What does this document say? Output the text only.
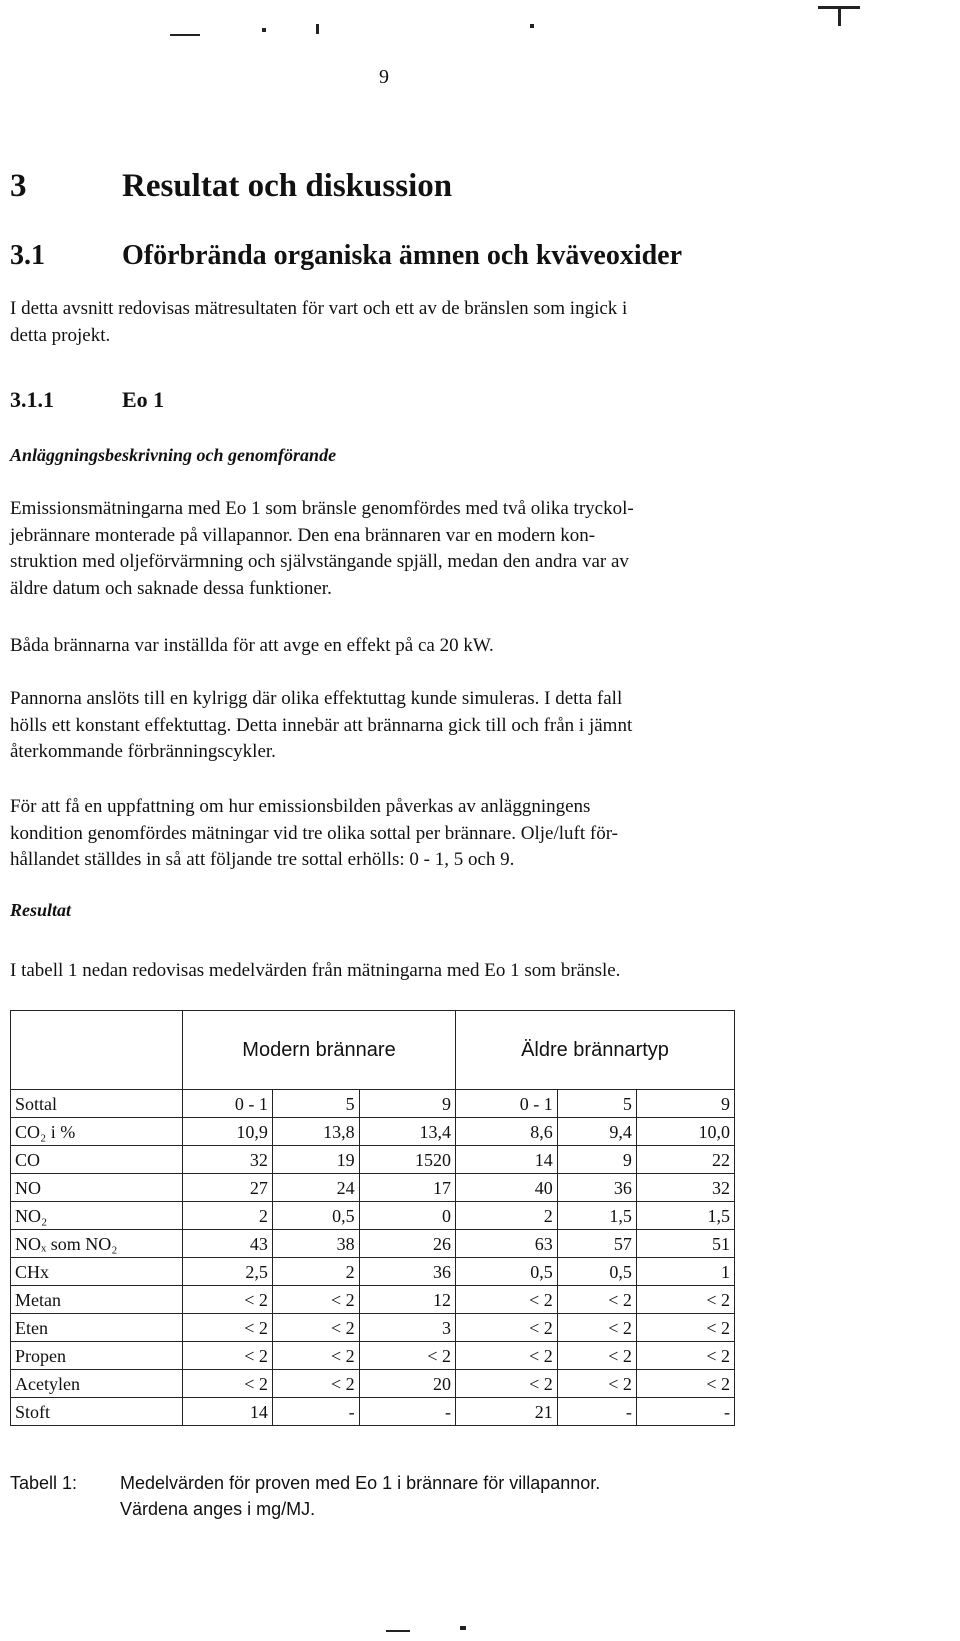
9
3	Resultat och diskussion
3.1	Oförbrända organiska ämnen och kväveoxider
I detta avsnitt redovisas mätresultaten för vart och ett av de bränslen som ingick i
detta projekt.
3.1.1	Eo 1
Anläggningsbeskrivning och genomförande
Emissionsmätningarna med Eo 1 som bränsle genomfördes med två olika tryckol-
jebrännare monterade på villapannor. Den ena brännaren var en modern kon-
struktion med oljeförvärmning och självstängande spjäll, medan den andra var av
äldre datum och saknade dessa funktioner.
Båda brännarna var inställda för att avge en effekt på ca 20 kW.
Pannorna anslöts till en kylrigg där olika effektuttag kunde simuleras. I detta fall
hölls ett konstant effektuttag. Detta innebär att brännarna gick till och från i jämnt
återkommande förbränningscykler.
För att få en uppfattning om hur emissionsbilden påverkas av anläggningens
kondition genomfördes mätningar vid tre olika sottal per brännare. Olje/luft för-
hållandet ställdes in så att följande tre sottal erhölls: 0 - 1, 5 och 9.
Resultat
I tabell 1 nedan redovisas medelvärden från mätningarna med Eo 1 som bränsle.
	Modern brännare			Äldre brännartyp		
Sottal	0 - 1	5	9	0 - 1	5	9
CO₂ i %	10,9	13,8	13,4	8,6	9,4	10,0
CO	32	19	1520	14	9	22
NO	27	24	17	40	36	32
NO₂	2	0,5	0	2	1,5	1,5
NOₓ som NO₂	43	38	26	63	57	51
CHx	2,5	2	36	0,5	0,5	1
Metan	< 2	< 2	12	< 2	< 2	< 2
Eten	< 2	< 2	3	< 2	< 2	< 2
Propen	< 2	< 2	< 2	< 2	< 2	< 2
Acetylen	< 2	< 2	20	< 2	< 2	< 2
Stoft	14	-	-	21	-	-
Tabell 1: Medelvärden för proven med Eo 1 i brännare för villapannor.
Värdena anges i mg/MJ.
